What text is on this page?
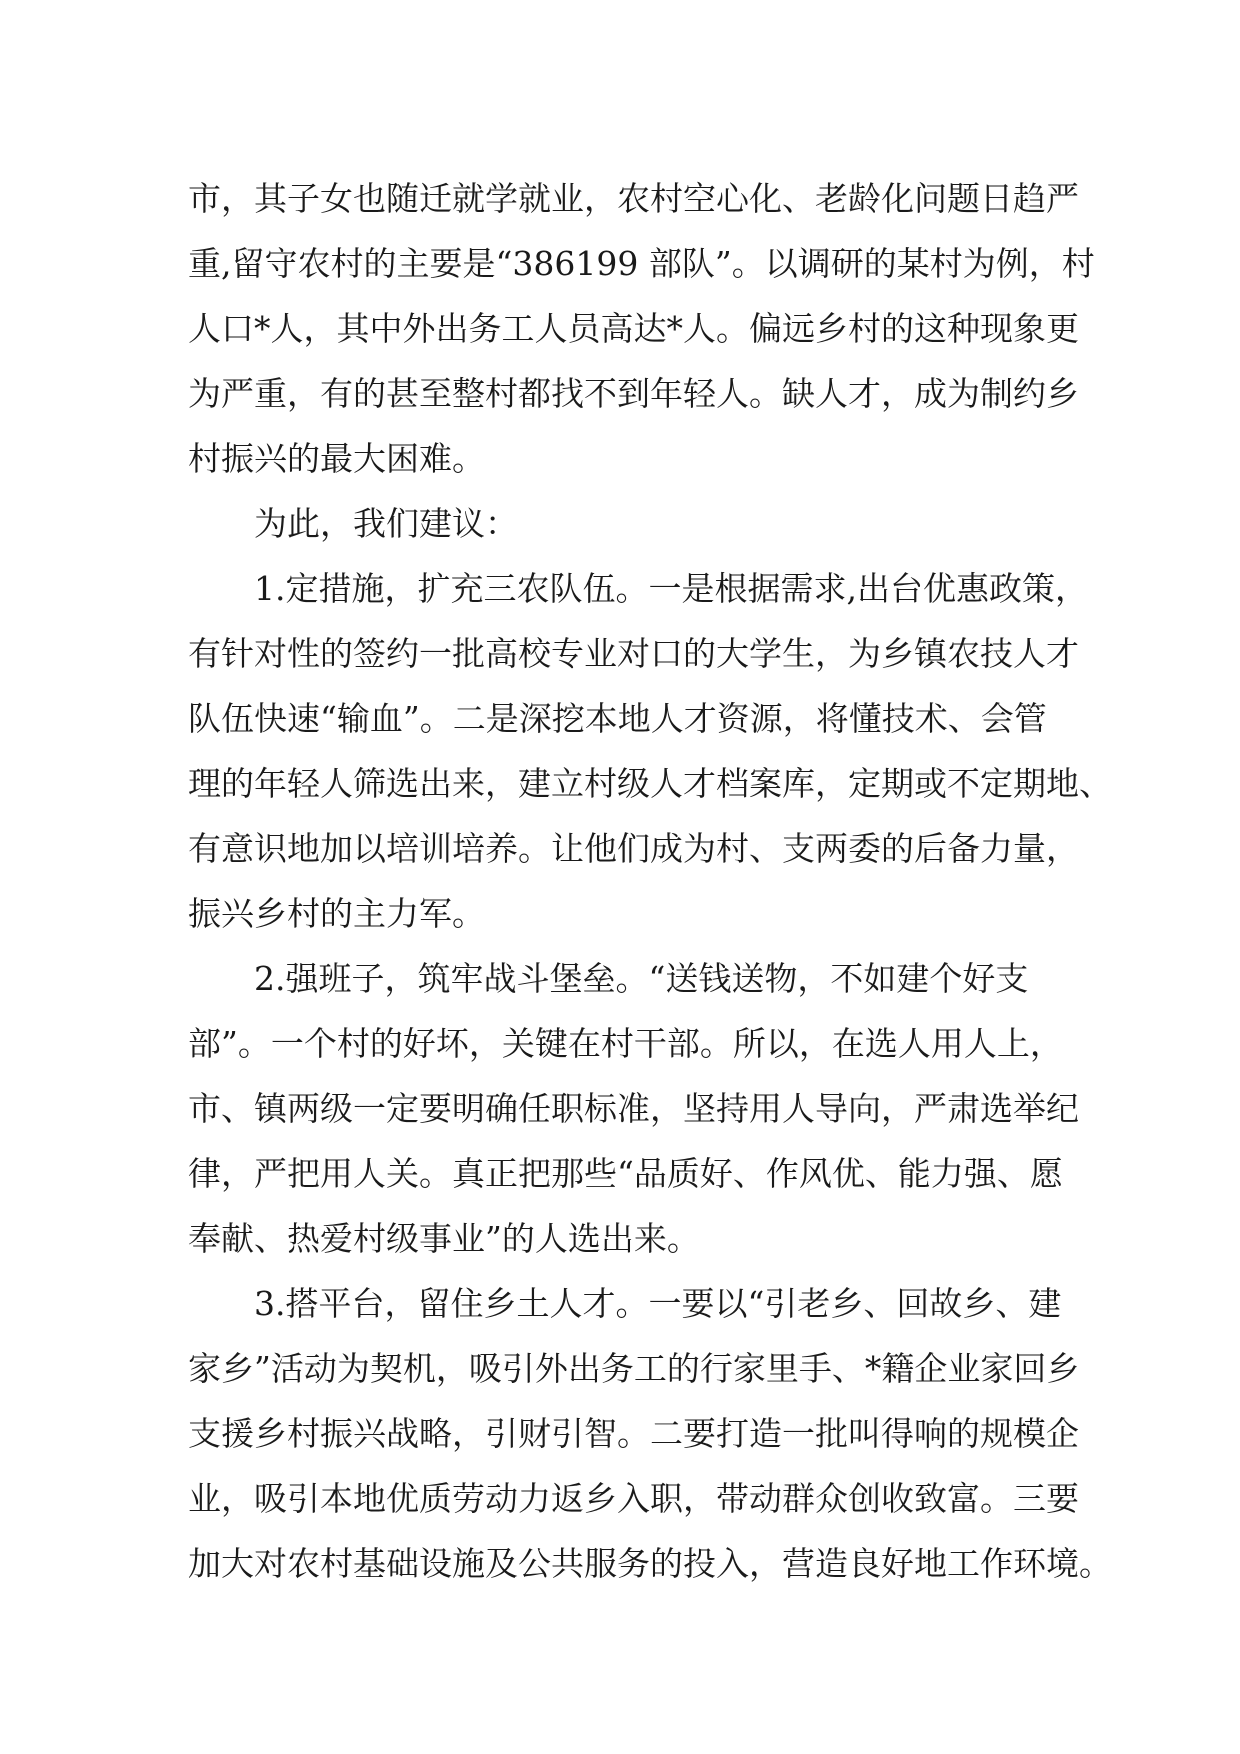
市，其子女也随迁就学就业，农村空心化、老龄化问题日趋严
重,留守农村的主要是“386199 部队”。以调研的某村为例，村
人口*人，其中外出务工人员高达*人。偏远乡村的这种现象更
为严重，有的甚至整村都找不到年轻人。缺人才，成为制约乡
村振兴的最大困难。
为此，我们建议：
1.定措施，扩充三农队伍。一是根据需求,出台优惠政策，
有针对性的签约一批高校专业对口的大学生，为乡镇农技人才
队伍快速“输血”。二是深挖本地人才资源，将懂技术、会管
理的年轻人筛选出来，建立村级人才档案库，定期或不定期地、
有意识地加以培训培养。让他们成为村、支两委的后备力量，
振兴乡村的主力军。
2.强班子，筑牢战斗堡垒。“送钱送物，不如建个好支
部”。一个村的好坏，关键在村干部。所以，在选人用人上，
市、镇两级一定要明确任职标准，坚持用人导向，严肃选举纪
律，严把用人关。真正把那些“品质好、作风优、能力强、愿
奉献、热爱村级事业”的人选出来。
3.搭平台，留住乡土人才。一要以“引老乡、回故乡、建
家乡”活动为契机，吸引外出务工的行家里手、*籍企业家回乡
支援乡村振兴战略，引财引智。二要打造一批叫得响的规模企
业，吸引本地优质劳动力返乡入职，带动群众创收致富。三要
加大对农村基础设施及公共服务的投入，营造良好地工作环境。
